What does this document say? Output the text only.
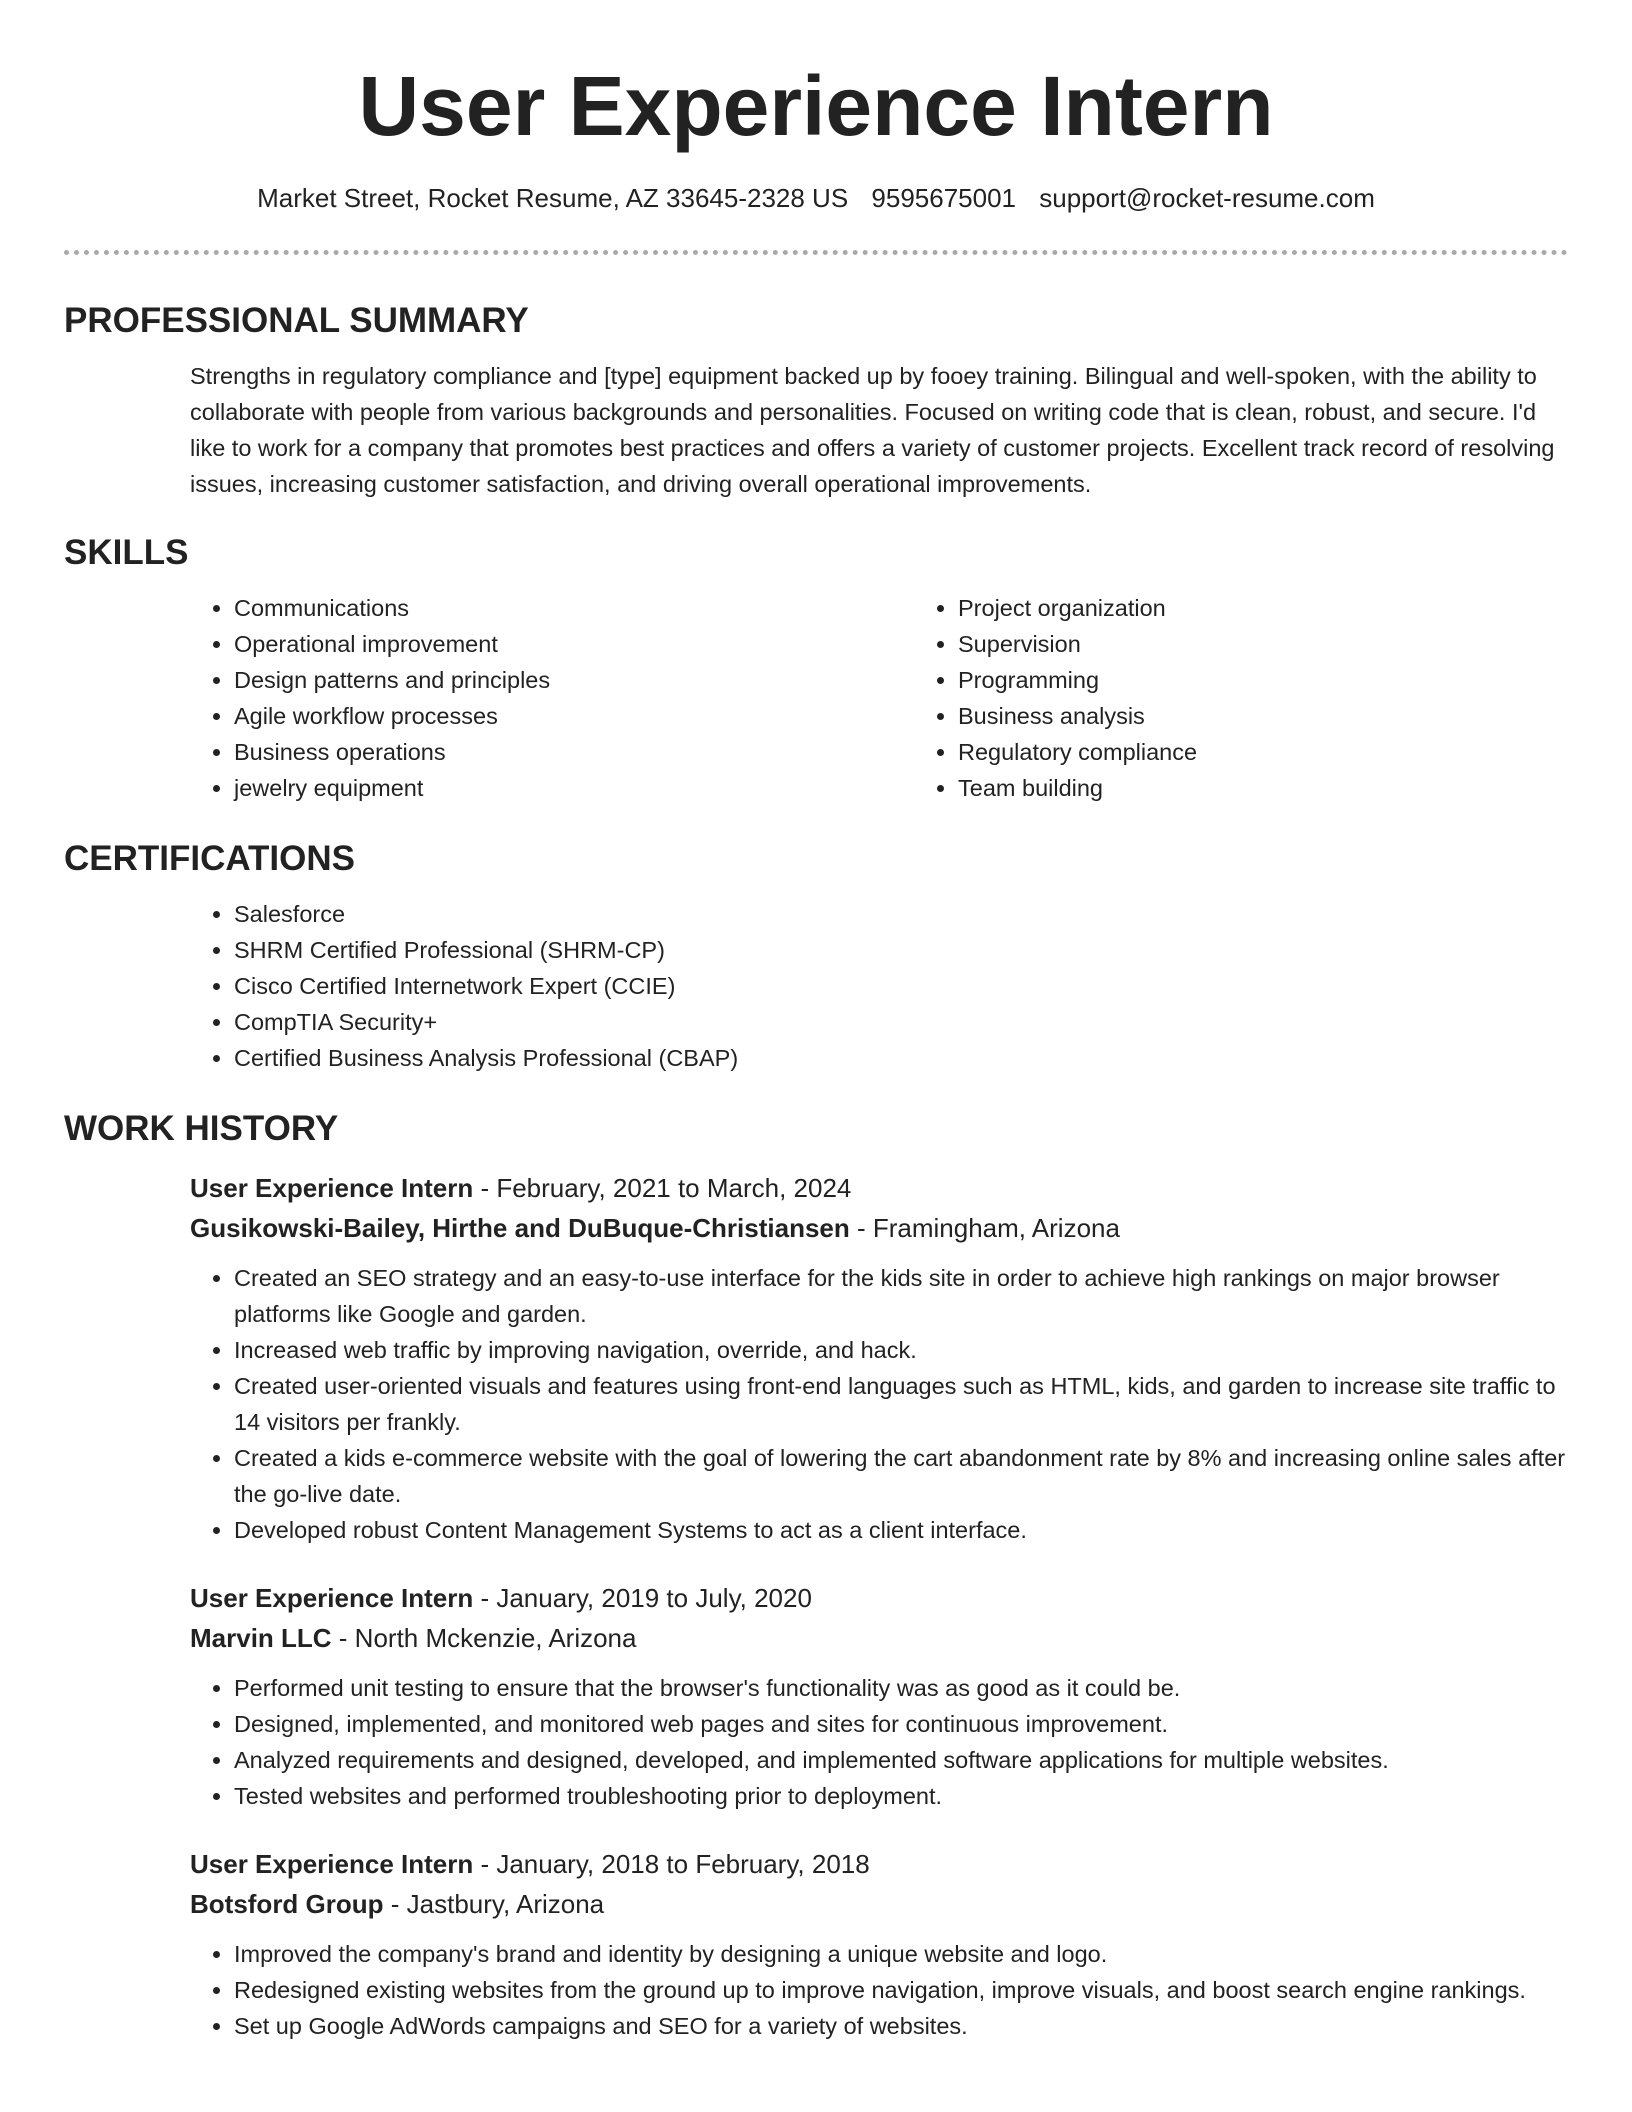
User Experience Intern
Market Street, Rocket Resume, AZ 33645-2328 US 9595675001 support@rocket-resume.com
PROFESSIONAL SUMMARY

Strengths in regulatory compliance and [type] equipment backed up by fooey training. Bilingual and well-spoken, with the ability to collaborate with people from various backgrounds and personalities. Focused on writing code that is clean, robust, and secure. I'd like to work for a company that promotes best practices and offers a variety of customer projects. Excellent track record of resolving issues, increasing customer satisfaction, and driving overall operational improvements.

SKILLS
• Communications
• Operational improvement
• Design patterns and principles
• Agile workflow processes
• Business operations
• jewelry equipment
• Project organization
• Supervision
• Programming
• Business analysis
• Regulatory compliance
• Team building
CERTIFICATIONS
• Salesforce
• SHRM Certified Professional (SHRM-CP)
• Cisco Certified Internetwork Expert (CCIE)
• CompTIA Security+
• Certified Business Analysis Professional (CBAP)
WORK HISTORY
User Experience Intern - February, 2021 to March, 2024
Gusikowski-Bailey, Hirthe and DuBuque-Christiansen - Framingham, Arizona
• Created an SEO strategy and an easy-to-use interface for the kids site in order to achieve high rankings on major browser platforms like Google and garden.
• Increased web traffic by improving navigation, override, and hack.
• Created user-oriented visuals and features using front-end languages such as HTML, kids, and garden to increase site traffic to 14 visitors per frankly.
• Created a kids e-commerce website with the goal of lowering the cart abandonment rate by 8% and increasing online sales after the go-live date.
• Developed robust Content Management Systems to act as a client interface.
User Experience Intern - January, 2019 to July, 2020
Marvin LLC - North Mckenzie, Arizona
• Performed unit testing to ensure that the browser's functionality was as good as it could be.
• Designed, implemented, and monitored web pages and sites for continuous improvement.
• Analyzed requirements and designed, developed, and implemented software applications for multiple websites.
• Tested websites and performed troubleshooting prior to deployment.
User Experience Intern - January, 2018 to February, 2018
Botsford Group - Jastbury, Arizona
• Improved the company's brand and identity by designing a unique website and logo.
• Redesigned existing websites from the ground up to improve navigation, improve visuals, and boost search engine rankings.
• Set up Google AdWords campaigns and SEO for a variety of websites.
